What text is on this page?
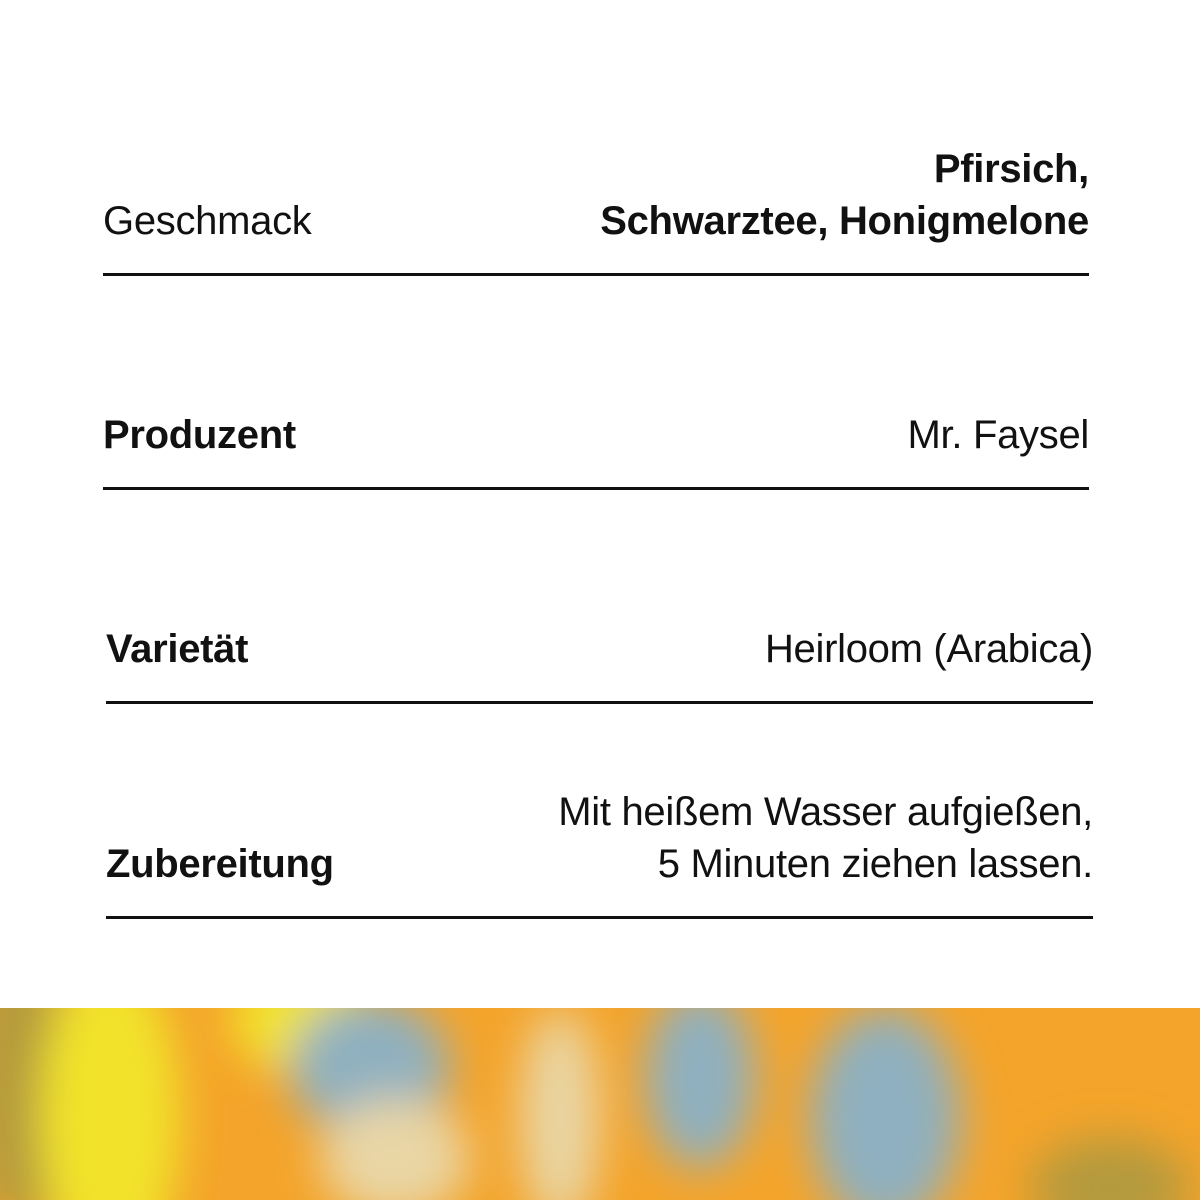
Geschmack
Pfirsich,
Schwarztee, Honigmelone
Produzent	Mr. Faysel
Varietät	Heirloom (Arabica)
Zubereitung
Mit heißem Wasser aufgießen,
5 Minuten ziehen lassen.
